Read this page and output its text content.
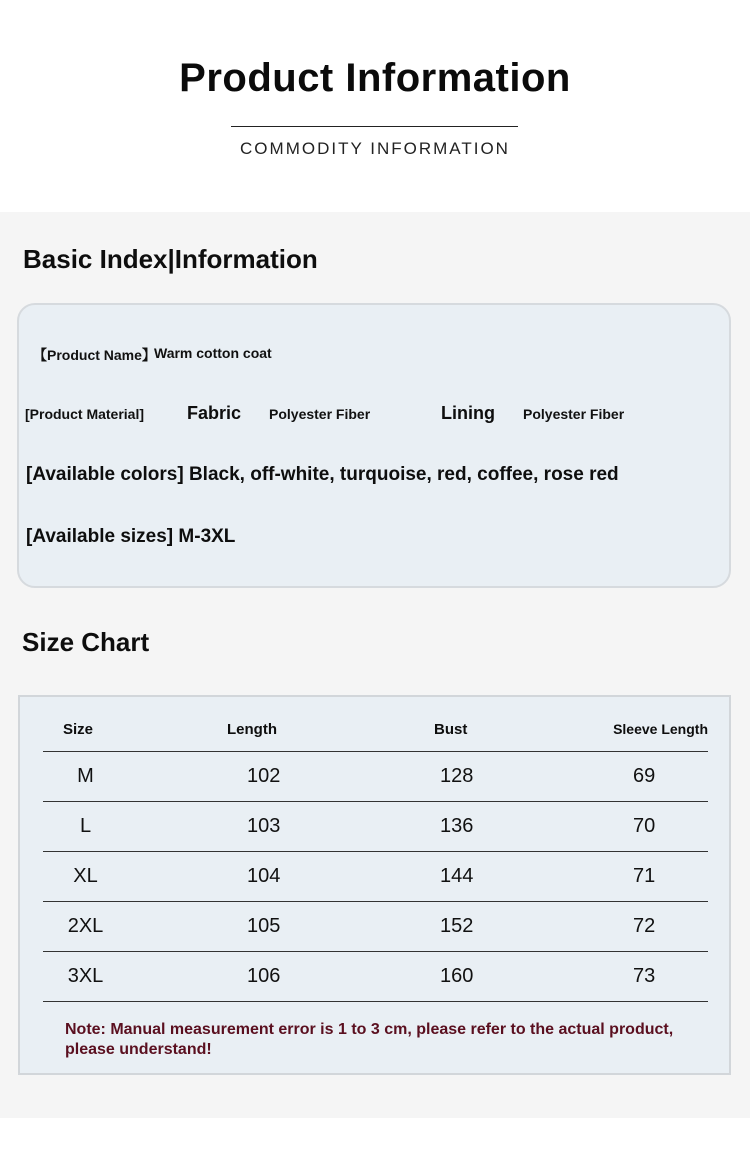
Product Information
COMMODITY INFORMATION
Basic Index|Information
【Product Name】
Warm cotton coat
[Product Material] Fabric Polyester Fiber	Lining Polyester Fiber
[Available colors] Black, off-white, turquoise, red, coffee, rose red
[Available sizes] M-3XL
Size Chart
Size	Length	Bust	Sleeve Length
M	102	128	69
L	103	136	70
XL	104	144	71
2XL	105	152	72
3XL	106	160	73
Note: Manual measurement error is 1 to 3 cm, please refer to the actual product, please understand!
